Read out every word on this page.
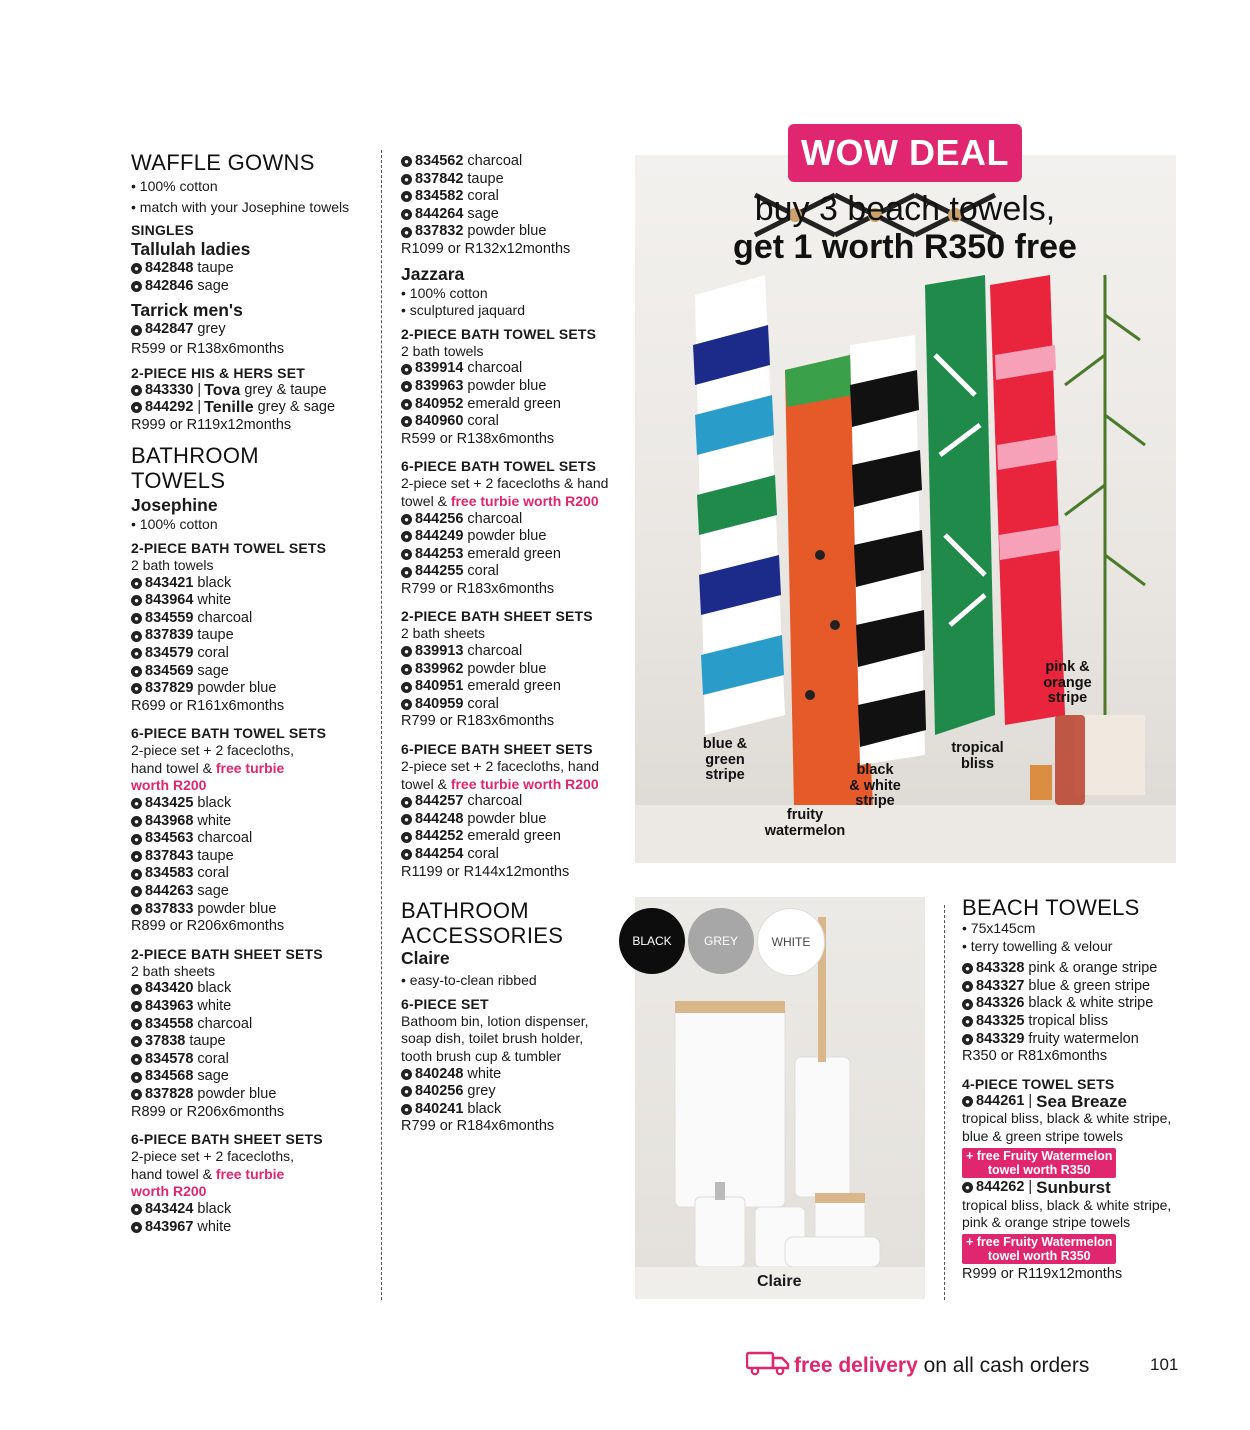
WAFFLE GOWNS
• 100% cotton
• match with your Josephine towels
SINGLES
Tallulah ladies
● 842848 taupe
● 842846 sage
Tarrick men's
● 842847 grey
R599 or R138x6months
2-PIECE HIS & HERS SET
● 843330 | Tova grey & taupe
● 844292 | Tenille grey & sage
R999 or R119x12months
BATHROOM
TOWELS
Josephine
• 100% cotton
2-PIECE BATH TOWEL SETS
2 bath towels
● 843421 black
● 843964 white
● 834559 charcoal
● 837839 taupe
● 834579 coral
● 834569 sage
● 837829 powder blue
R699 or R161x6months
6-PIECE BATH TOWEL SETS
2-piece set + 2 facecloths,
hand towel & free turbie
worth R200
● 843425 black
● 843968 white
● 834563 charcoal
● 837843 taupe
● 834583 coral
● 844263 sage
● 837833 powder blue
R899 or R206x6months
2-PIECE BATH SHEET SETS
2 bath sheets
● 843420 black
● 843963 white
● 834558 charcoal
● 37838 taupe
● 834578 coral
● 834568 sage
● 837828 powder blue
R899 or R206x6months
6-PIECE BATH SHEET SETS
2-piece set + 2 facecloths,
hand towel & free turbie
worth R200
● 843424 black
● 843967 white
● 834562 charcoal
● 837842 taupe
● 834582 coral
● 844264 sage
● 837832 powder blue
R1099 or R132x12months
Jazzara
• 100% cotton
• sculptured jaquard
2-PIECE BATH TOWEL SETS
2 bath towels
● 839914 charcoal
● 839963 powder blue
● 840952 emerald green
● 840960 coral
R599 or R138x6months
6-PIECE BATH TOWEL SETS
2-piece set + 2 facecloths & hand
towel & free turbie worth R200
● 844256 charcoal
● 844249 powder blue
● 844253 emerald green
● 844255 coral
R799 or R183x6months
2-PIECE BATH SHEET SETS
2 bath sheets
● 839913 charcoal
● 839962 powder blue
● 840951 emerald green
● 840959 coral
R799 or R183x6months
6-PIECE BATH SHEET SETS
2-piece set + 2 facecloths, hand
towel & free turbie worth R200
● 844257 charcoal
● 844248 powder blue
● 844252 emerald green
● 844254 coral
R1199 or R144x12months
BATHROOM
ACCESSORIES
Claire
• easy-to-clean ribbed
6-PIECE SET
Bathoom bin, lotion dispenser,
soap dish, toilet brush holder,
tooth brush cup & tumbler
● 840248 white
● 840256 grey
● 840241 black
R799 or R184x6months
blue &
green
stripe
fruity
watermelon
black
& white
stripe
tropical
bliss
pink &
orange
stripe
WOW DEAL
buy 3 beach towels,
get 1 worth R350 free
Claire
BLACK	GREY	WHITE
BEACH TOWELS
• 75x145cm
• terry towelling & velour
● 843328 pink & orange stripe
● 843327 blue & green stripe
● 843326 black & white stripe
● 843325 tropical bliss
● 843329 fruity watermelon
R350 or R81x6months
4-PIECE TOWEL SETS
● 844261 | Sea Breaze
tropical bliss, black & white stripe,
blue & green stripe towels
+ free Fruity Watermelon
towel worth R350
● 844262 | Sunburst
tropical bliss, black & white stripe,
pink & orange stripe towels
+ free Fruity Watermelon
towel worth R350
R999 or R119x12months
free delivery on all cash orders	101
